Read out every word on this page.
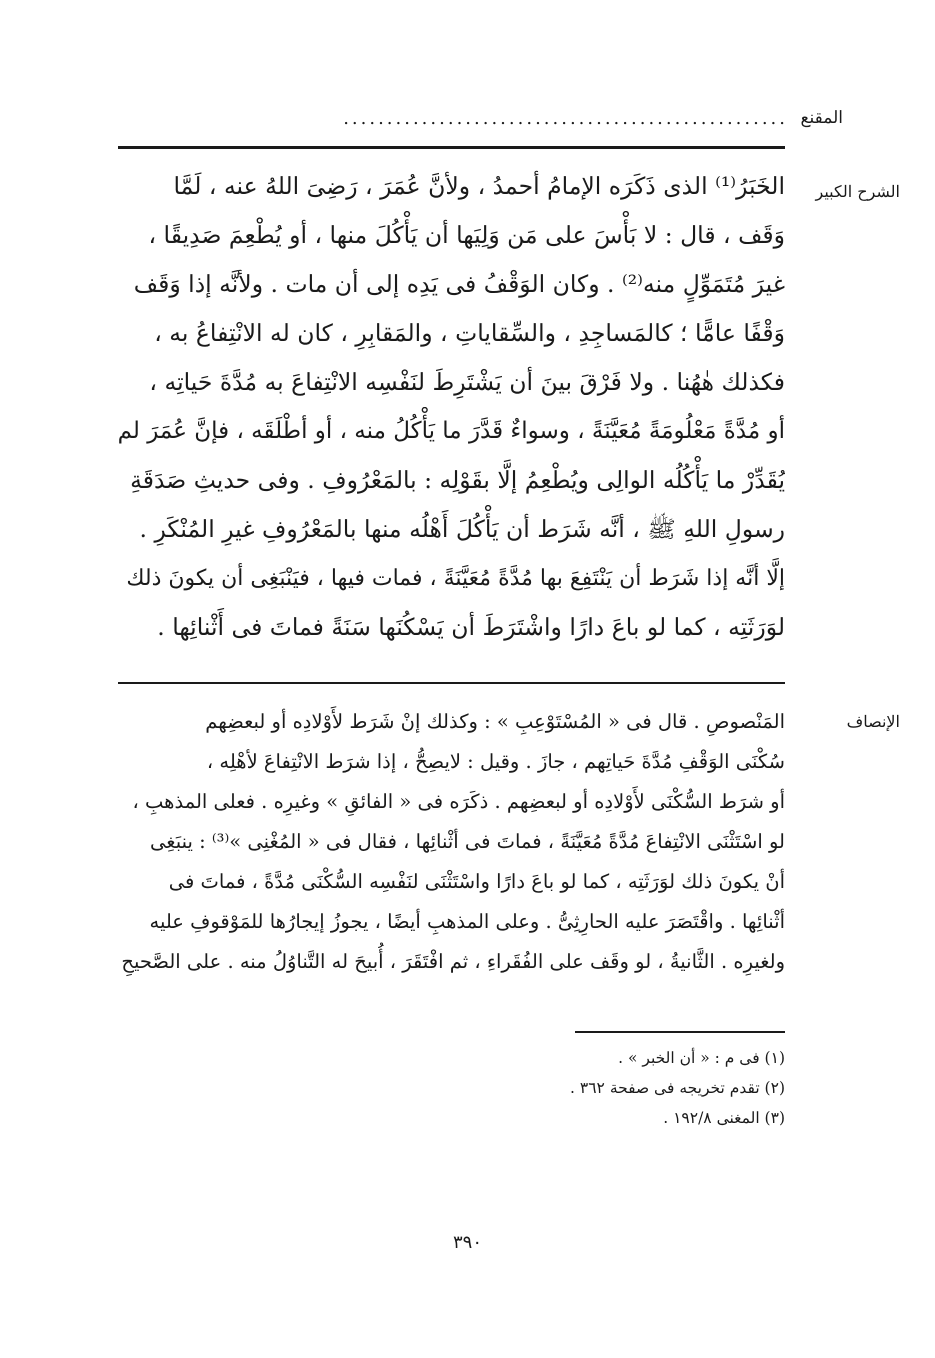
المقنع
...................................................
الشرح الكبير

الخَبَرُ⁽¹⁾ الذى ذَكَرَه الإمامُ أحمدُ ، ولأنَّ عُمَرَ ، رَضِىَ اللهُ عنه ، لَمَّا

وَقَف ، قال : لا بَأْسَ على مَن وَلِيَها أن يَأْكُلَ منها ، أو يُطْعِمَ صَدِيقًا ،

غيرَ مُتَمَوِّلٍ منه⁽²⁾ . وكان الوَقْفُ فى يَدِه إلى أن مات . ولأنَّه إذا وَقَف

وَقْفًا عامًّا ؛ كالمَساجِدِ ، والسِّقاياتِ ، والمَقابِرِ ، كان له الانْتِفاعُ به ،

فكذلك هٰهُنا . ولا فَرْقَ بينَ أن يَشْتَرِطَ لنَفْسِه الانْتِفاعَ به مُدَّةَ حَياتِه ،

أو مُدَّةً مَعْلُومَةً مُعَيَّنَةً ، وسواءٌ قَدَّرَ ما يَأْكُلُ منه ، أو أطْلَقَه ، فإنَّ عُمَرَ لم

يُقَدِّرْ ما يَأْكُلُه الوالِى ويُطْعِمُ إلَّا بقَوْلِه : بالمَعْرُوفِ . وفى حديثِ صَدَقَةِ

رسولِ اللهِ ﷺ ، أنَّه شَرَط أن يَأْكُلَ أَهْلُه منها بالمَعْرُوفِ غيرِ المُنْكَرِ .

إلَّا أنَّه إذا شَرَط أن يَنْتَفِعَ بها مُدَّةً مُعَيَّنَةً ، فمات فيها ، فيَنْبَغِى أن يكونَ ذلك

لوَرَثَتِه ، كما لو باعَ دارًا واشْتَرَطَ أن يَسْكُنَها سَنَةً فماتَ فى أَثْنائِها .

الإنصاف

المَنْصوصِ . قال فى « المُسْتَوْعِبِ » : وكذلك إنْ شَرَط لأَوْلادِه أو لبعضِهم

سُكْنَى الوَقْفِ مُدَّةَ حَياتِهم ، جازَ . وقيل : لايصِحُّ ، إذا شرَط الانْتِفاعَ لأهْلِه ،

أو شرَط السُّكْنَى لأَوْلادِه أو لبعضِهم . ذكَرَه فى « الفائقِ » وغيرِه . فعلى المذهبِ ،

لو اسْتَثْنَى الانْتِفاعَ مُدَّةً مُعَيَّنَةً ، فماتَ فى أثْنائِها ، فقال فى « المُغْنِى »⁽³⁾ : ينبَغِى

أنْ يكونَ ذلك لوَرَثَتِه ، كما لو باعَ دارًا واسْتَثْنَى لنَفْسِه السُّكْنَى مُدَّةً ، فماتَ فى

أثْنائِها . واقْتَصَرَ عليه الحارِثِىُّ . وعلى المذهبِ أيضًا ، يجوزُ إيجارُها للمَوْقوفِ عليه

ولغيرِه . الثَّانيةُ ، لو وقَف على الفُقَراءِ ، ثم افْتَقَرَ ، أُبيحَ له التَّناوُلُ منه . على الصَّحيحِ

(١) فى م : « أن الخبر » .
(٢) تقدم تخريجه فى صفحة ٣٦٢ .
(٣) المغنى ١٩٢/٨ .
٣٩٠
